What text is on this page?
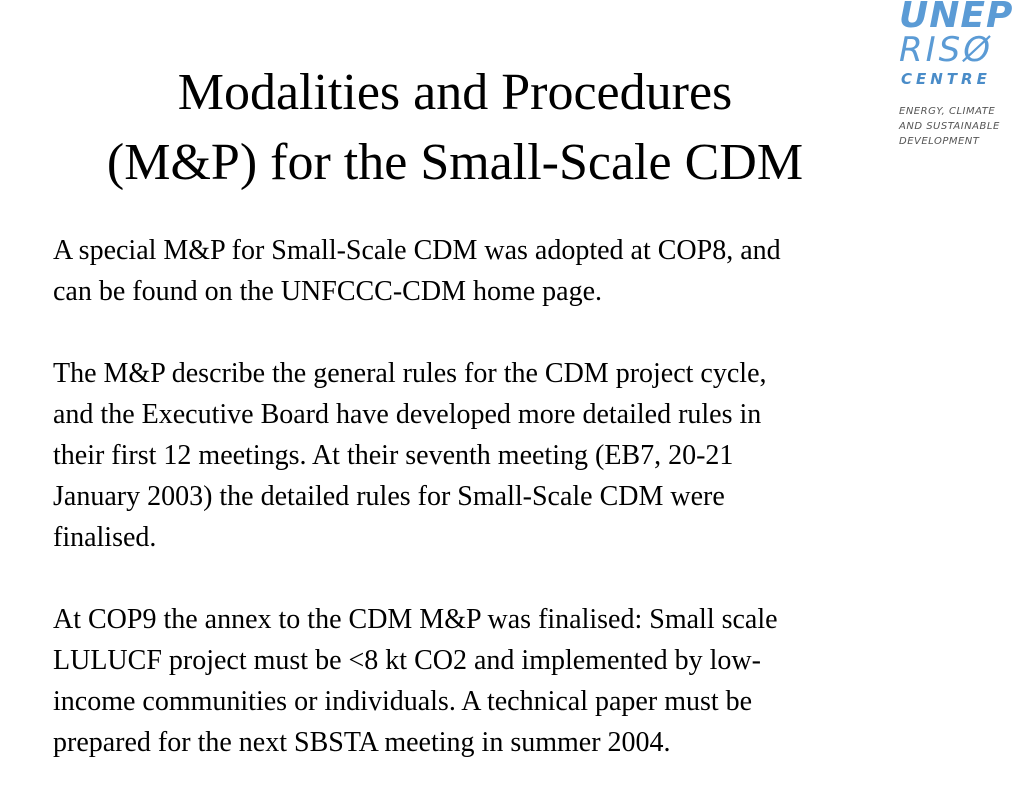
Modalities and Procedures
(M&P) for the Small-Scale CDM
UNEP
RISØ
CENTRE
ENERGY, CLIMATE
AND SUSTAINABLE
DEVELOPMENT

A special M&P for Small-Scale CDM was adopted at COP8, and
can be found on the UNFCCC-CDM home page.

The M&P describe the general rules for the CDM project cycle,
and the Executive Board have developed more detailed rules in
their first 12 meetings. At their seventh meeting (EB7, 20-21
January 2003) the detailed rules for Small-Scale CDM were
finalised.

At COP9 the annex to the CDM M&P was finalised: Small scale
LULUCF project must be <8 kt CO2 and implemented by low-
income communities or individuals. A technical paper must be
prepared for the next SBSTA meeting in summer 2004.
